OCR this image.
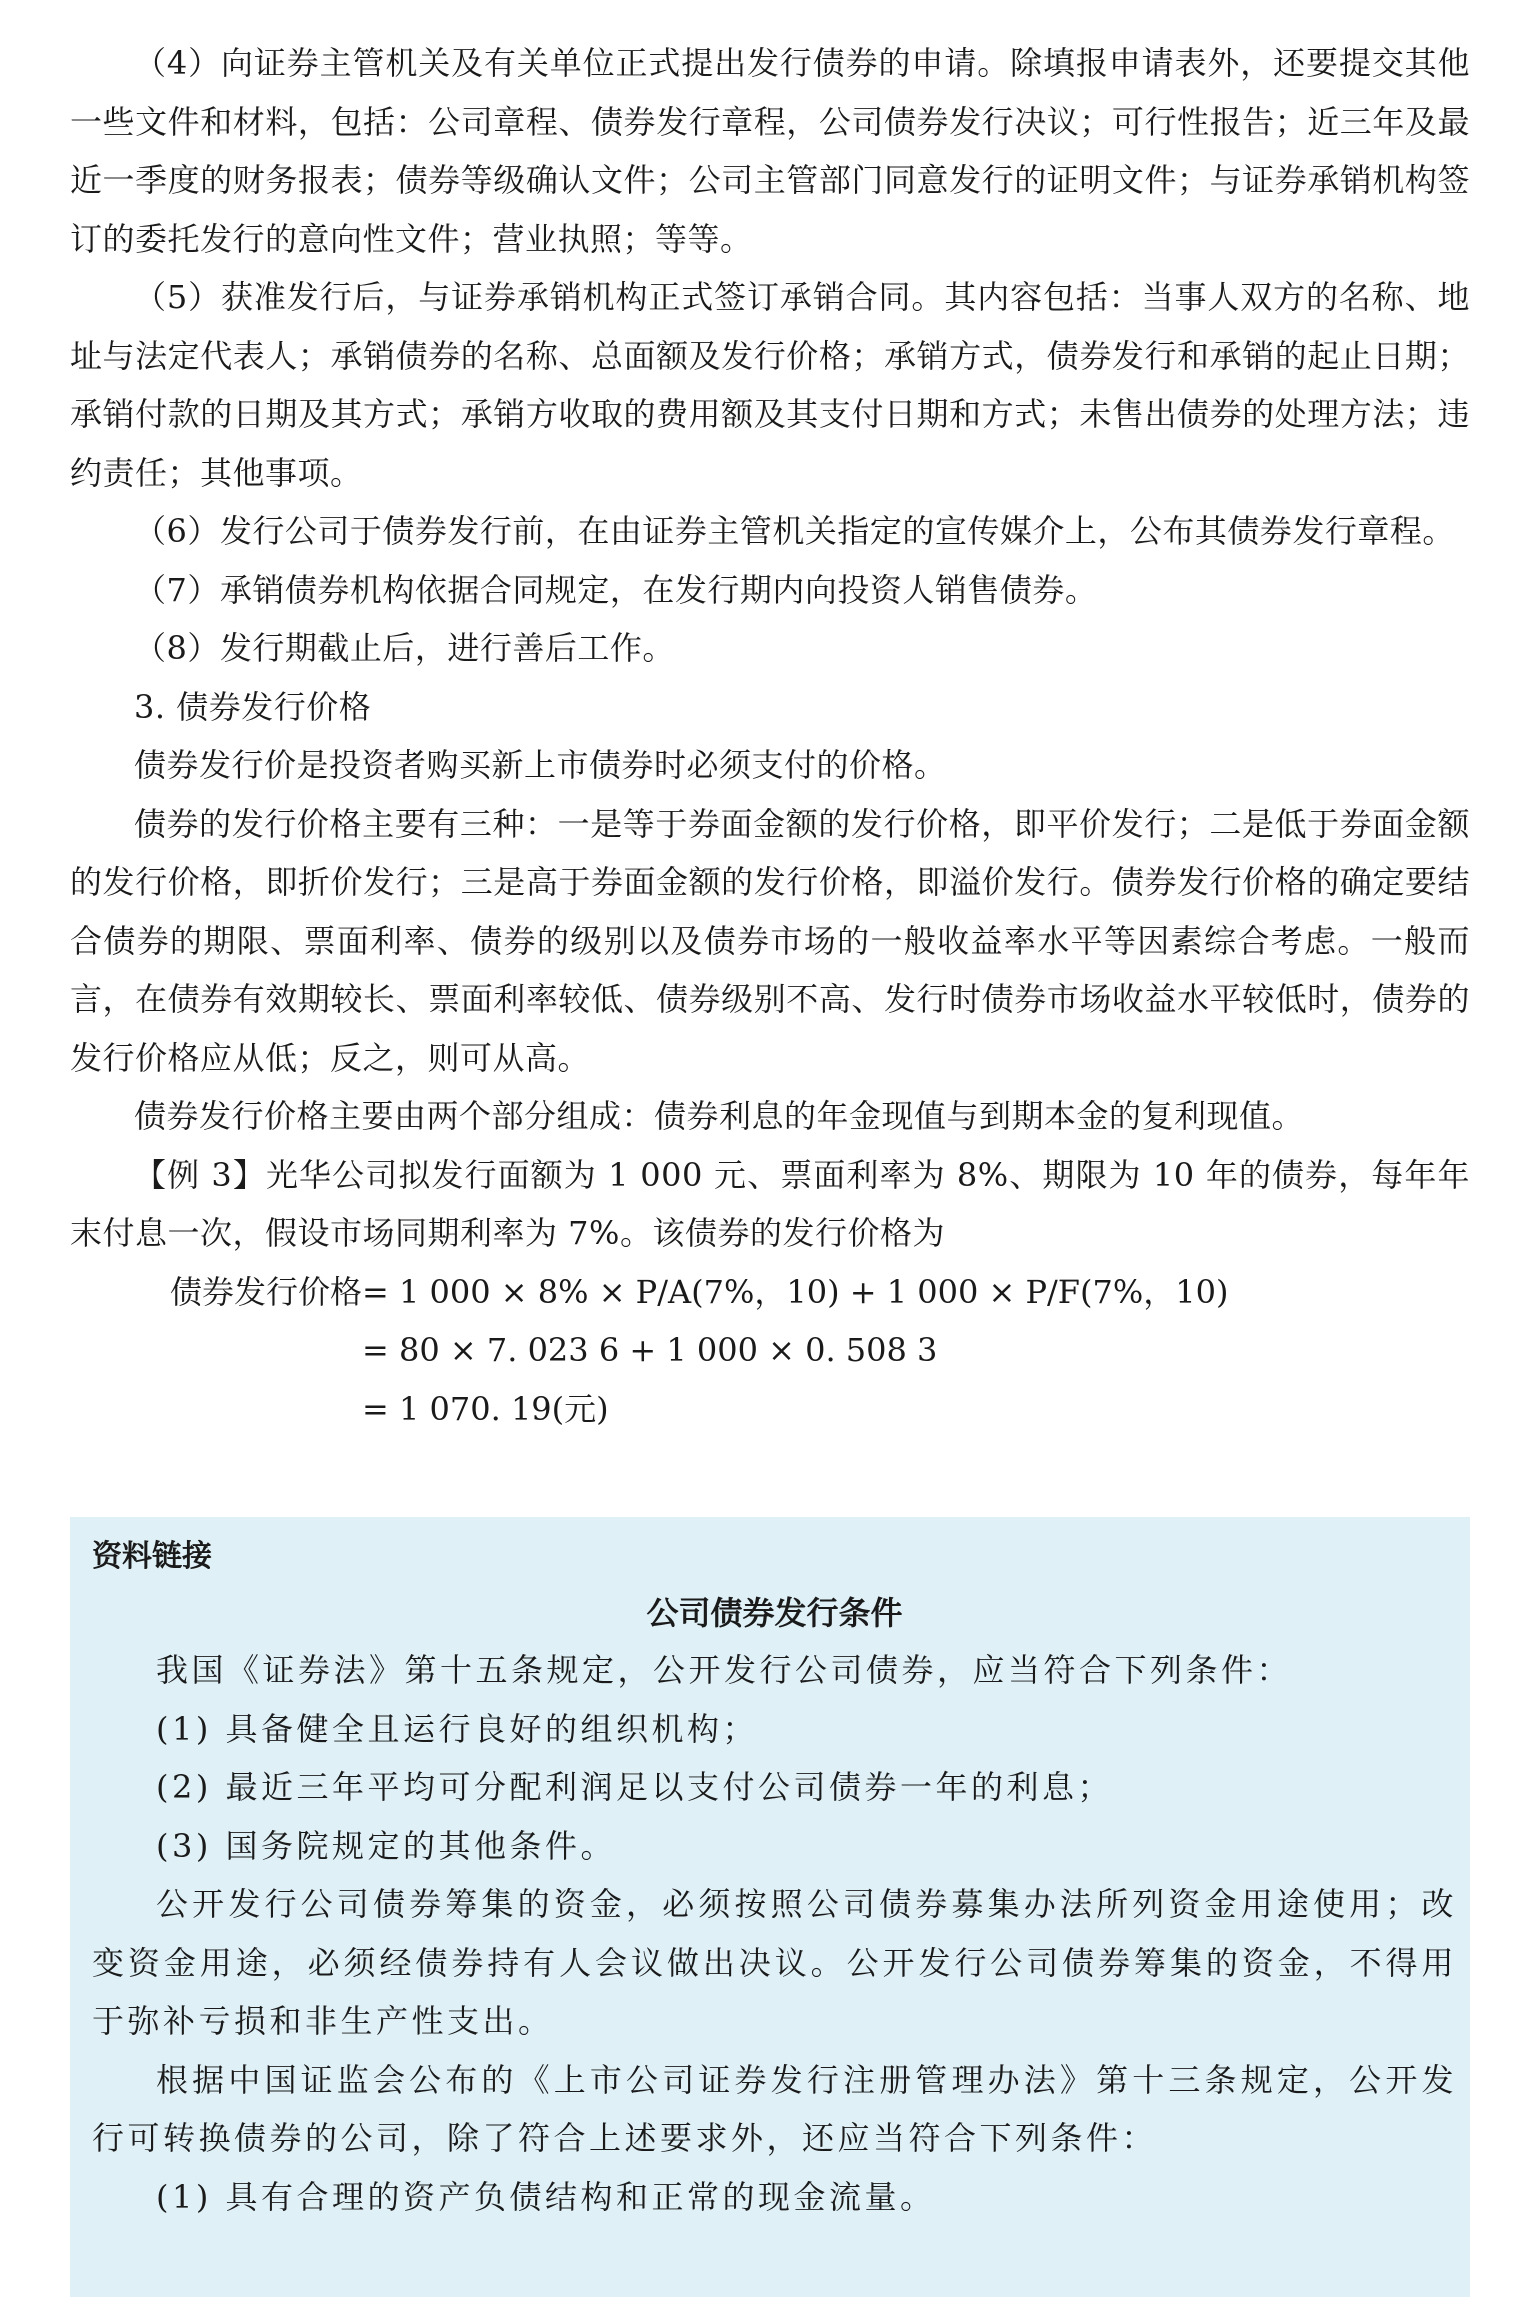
（4）向证券主管机关及有关单位正式提出发行债券的申请。除填报申请表外，还要提交其他一些文件和材料，包括：公司章程、债券发行章程，公司债券发行决议；可行性报告；近三年及最近一季度的财务报表；债券等级确认文件；公司主管部门同意发行的证明文件；与证券承销机构签订的委托发行的意向性文件；营业执照；等等。

（5）获准发行后，与证券承销机构正式签订承销合同。其内容包括：当事人双方的名称、地址与法定代表人；承销债券的名称、总面额及发行价格；承销方式，债券发行和承销的起止日期；承销付款的日期及其方式；承销方收取的费用额及其支付日期和方式；未售出债券的处理方法；违约责任；其他事项。

（6）发行公司于债券发行前，在由证券主管机关指定的宣传媒介上，公布其债券发行章程。

（7）承销债券机构依据合同规定，在发行期内向投资人销售债券。

（8）发行期截止后，进行善后工作。

3. 债券发行价格

债券发行价是投资者购买新上市债券时必须支付的价格。

债券的发行价格主要有三种：一是等于券面金额的发行价格，即平价发行；二是低于券面金额的发行价格，即折价发行；三是高于券面金额的发行价格，即溢价发行。债券发行价格的确定要结合债券的期限、票面利率、债券的级别以及债券市场的一般收益率水平等因素综合考虑。一般而言，在债券有效期较长、票面利率较低、债券级别不高、发行时债券市场收益水平较低时，债券的发行价格应从低；反之，则可从高。

债券发行价格主要由两个部分组成：债券利息的年金现值与到期本金的复利现值。

【例 3】光华公司拟发行面额为 1 000 元、票面利率为 8%、期限为 10 年的债券，每年年末付息一次，假设市场同期利率为 7%。该债券的发行价格为

债券发行价格= 1 000 × 8% × P/A(7%，10) + 1 000 × P/F(7%，10)
= 80 × 7. 023 6 + 1 000 × 0. 508 3
= 1 070. 19(元)
资料链接
公司债券发行条件

我国《证券法》第十五条规定，公开发行公司债券，应当符合下列条件：

(1) 具备健全且运行良好的组织机构；

(2) 最近三年平均可分配利润足以支付公司债券一年的利息；

(3) 国务院规定的其他条件。

公开发行公司债券筹集的资金，必须按照公司债券募集办法所列资金用途使用；改变资金用途，必须经债券持有人会议做出决议。公开发行公司债券筹集的资金，不得用于弥补亏损和非生产性支出。

根据中国证监会公布的《上市公司证券发行注册管理办法》第十三条规定，公开发行可转换债券的公司，除了符合上述要求外，还应当符合下列条件：

(1) 具有合理的资产负债结构和正常的现金流量。
